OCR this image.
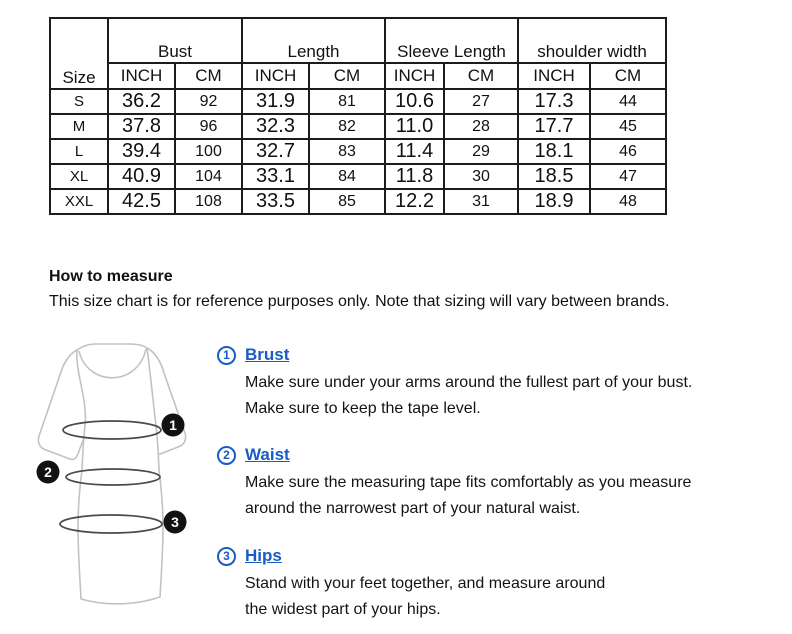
Size	Bust		Length		Sleeve Length		shoulder width	
	INCH	CM	INCH	CM	INCH	CM	INCH	CM
S	36.2	92	31.9	81	10.6	27	17.3	44
M	37.8	96	32.3	82	11.0	28	17.7	45
L	39.4	100	32.7	83	11.4	29	18.1	46
XL	40.9	104	33.1	84	11.8	30	18.5	47
XXL	42.5	108	33.5	85	12.2	31	18.9	48
How to measure
This size chart is for reference purposes only. Note that sizing will vary between brands.
1
2
3
1 Brust
Make sure under your arms around the fullest part of your bust.
Make sure to keep the tape level.
2 Waist
Make sure the measuring tape fits comfortably as you measure
around the narrowest part of your natural waist.
3 Hips
Stand with your feet together, and measure around
the widest part of your hips.
